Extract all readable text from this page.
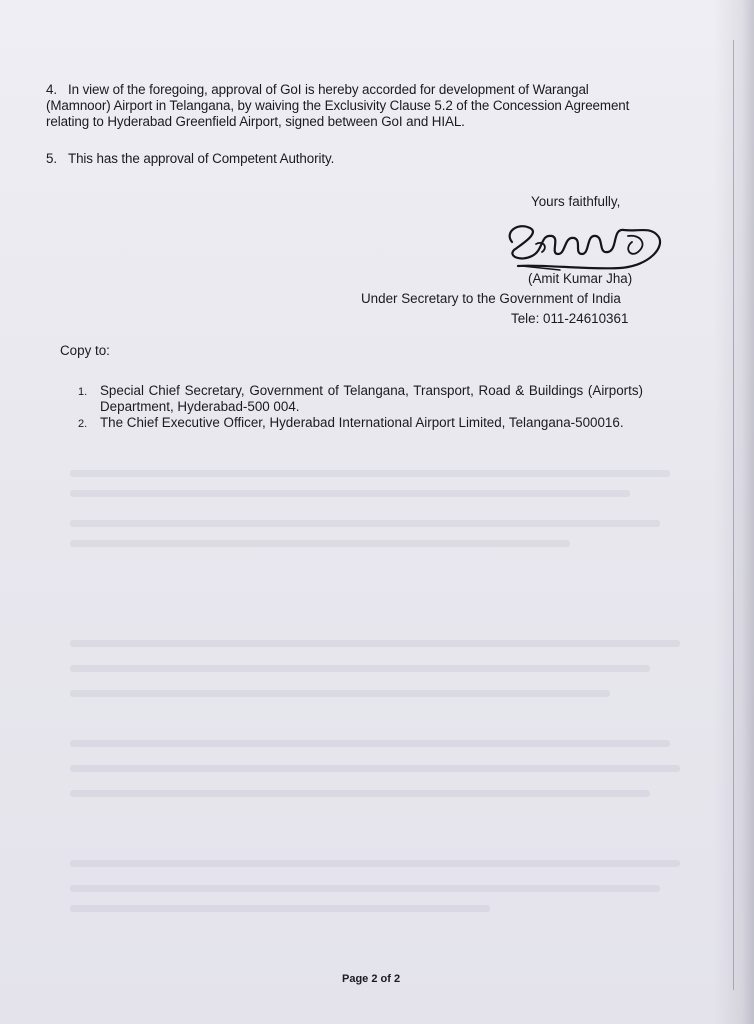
4. In view of the foregoing, approval of GoI is hereby accorded for development of Warangal (Mamnoor) Airport in Telangana, by waiving the Exclusivity Clause 5.2 of the Concession Agreement relating to Hyderabad Greenfield Airport, signed between GoI and HIAL.

5. This has the approval of Competent Authority.

Yours faithfully,
(Amit Kumar Jha)
Under Secretary to the Government of India
Tele: 011-24610361
Copy to:
1. Special Chief Secretary, Government of Telangana, Transport, Road & Buildings (Airports) Department, Hyderabad-500 004.
2. The Chief Executive Officer, Hyderabad International Airport Limited, Telangana-500016.
Page 2 of 2
